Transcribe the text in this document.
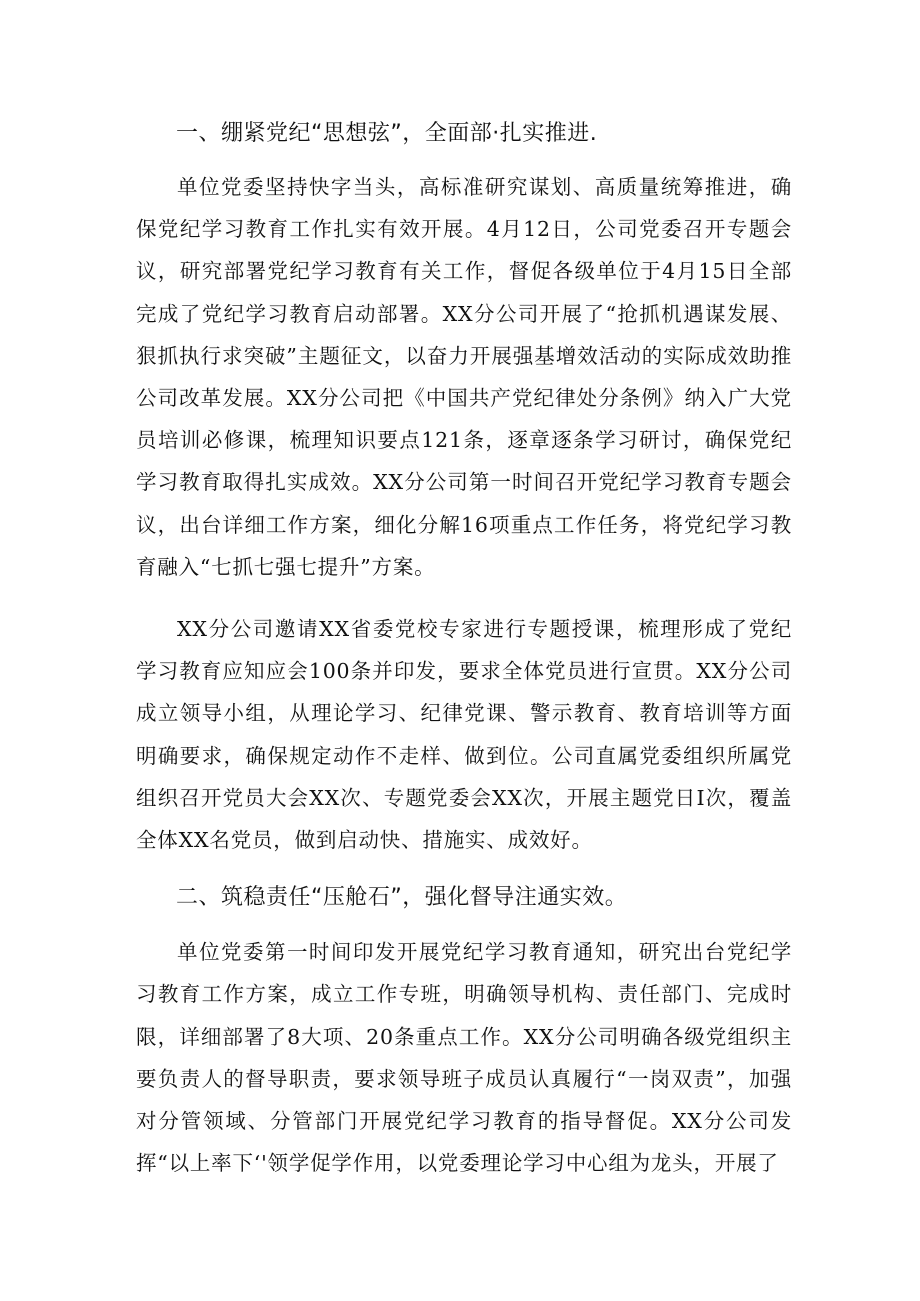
一、绷紧党纪“思想弦”，全面部·扎实推进.

单位党委坚持快字当头，高标准研究谋划、高质量统筹推进，确保党纪学习教育工作扎实有效开展。4月12日，公司党委召开专题会议，研究部署党纪学习教育有关工作，督促各级单位于4月15日全部完成了党纪学习教育启动部署。XX分公司开展了“抢抓机遇谋发展、狠抓执行求突破”主题征文，以奋力开展强基增效活动的实际成效助推公司改革发展。XX分公司把《中国共产党纪律处分条例》纳入广大党员培训必修课，梳理知识要点121条，逐章逐条学习研讨，确保党纪学习教育取得扎实成效。XX分公司第一时间召开党纪学习教育专题会议，出台详细工作方案，细化分解16项重点工作任务，将党纪学习教育融入“七抓七强七提升”方案。

XX分公司邀请XX省委党校专家进行专题授课，梳理形成了党纪学习教育应知应会100条并印发，要求全体党员进行宣贯。XX分公司成立领导小组，从理论学习、纪律党课、警示教育、教育培训等方面明确要求，确保规定动作不走样、做到位。公司直属党委组织所属党组织召开党员大会XX次、专题党委会XX次，开展主题党日I次，覆盖全体XX名党员，做到启动快、措施实、成效好。

二、筑稳责任“压舱石”，强化督导注通实效。

单位党委第一时间印发开展党纪学习教育通知，研究出台党纪学习教育工作方案，成立工作专班，明确领导机构、责任部门、完成时限，详细部署了8大项、20条重点工作。XX分公司明确各级党组织主要负责人的督导职责，要求领导班子成员认真履行“一岗双责”，加强对分管领域、分管部门开展党纪学习教育的指导督促。XX分公司发挥“以上率下‘'领学促学作用，以党委理论学习中心组为龙头，开展了
